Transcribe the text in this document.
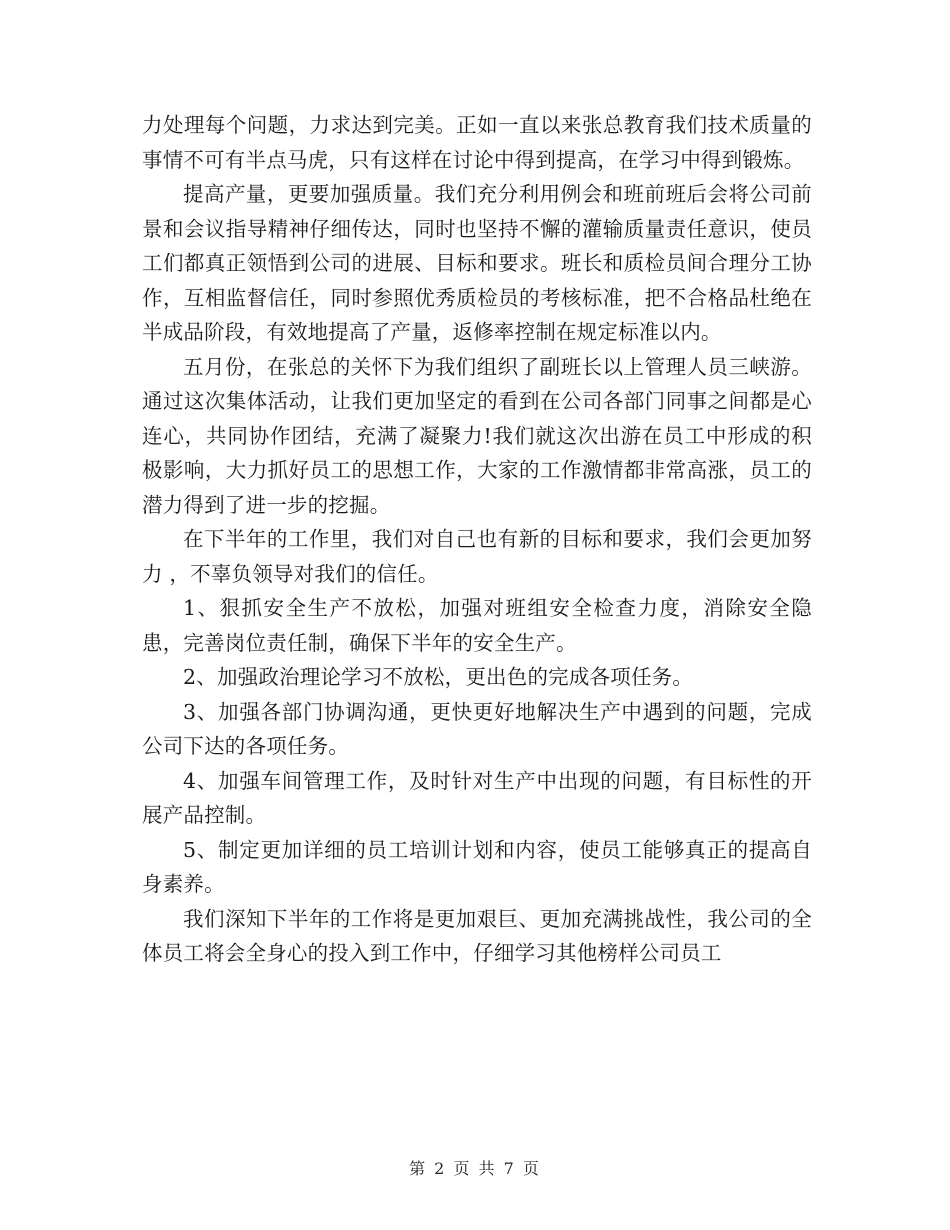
力处理每个问题，力求达到完美。正如一直以来张总教育我们技术质量的事情不可有半点马虎，只有这样在讨论中得到提高，在学习中得到锻炼。

提高产量，更要加强质量。我们充分利用例会和班前班后会将公司前景和会议指导精神仔细传达，同时也坚持不懈的灌输质量责任意识，使员工们都真正领悟到公司的进展、目标和要求。班长和质检员间合理分工协作，互相监督信任，同时参照优秀质检员的考核标准，把不合格品杜绝在半成品阶段，有效地提高了产量，返修率控制在规定标准以内。

五月份，在张总的关怀下为我们组织了副班长以上管理人员三峡游。通过这次集体活动，让我们更加坚定的看到在公司各部门同事之间都是心连心，共同协作团结，充满了凝聚力!我们就这次出游在员工中形成的积极影响，大力抓好员工的思想工作，大家的工作激情都非常高涨，员工的潜力得到了进一步的挖掘。

在下半年的工作里，我们对自己也有新的目标和要求，我们会更加努力 ，不辜负领导对我们的信任。

1、狠抓安全生产不放松，加强对班组安全检查力度，消除安全隐患，完善岗位责任制，确保下半年的安全生产。

2、加强政治理论学习不放松，更出色的完成各项任务。

3、加强各部门协调沟通，更快更好地解决生产中遇到的问题，完成公司下达的各项任务。

4、加强车间管理工作，及时针对生产中出现的问题，有目标性的开展产品控制。

5、制定更加详细的员工培训计划和内容，使员工能够真正的提高自身素养。

我们深知下半年的工作将是更加艰巨、更加充满挑战性，我公司的全体员工将会全身心的投入到工作中，仔细学习其他榜样公司员工

第 2 页 共 7 页
